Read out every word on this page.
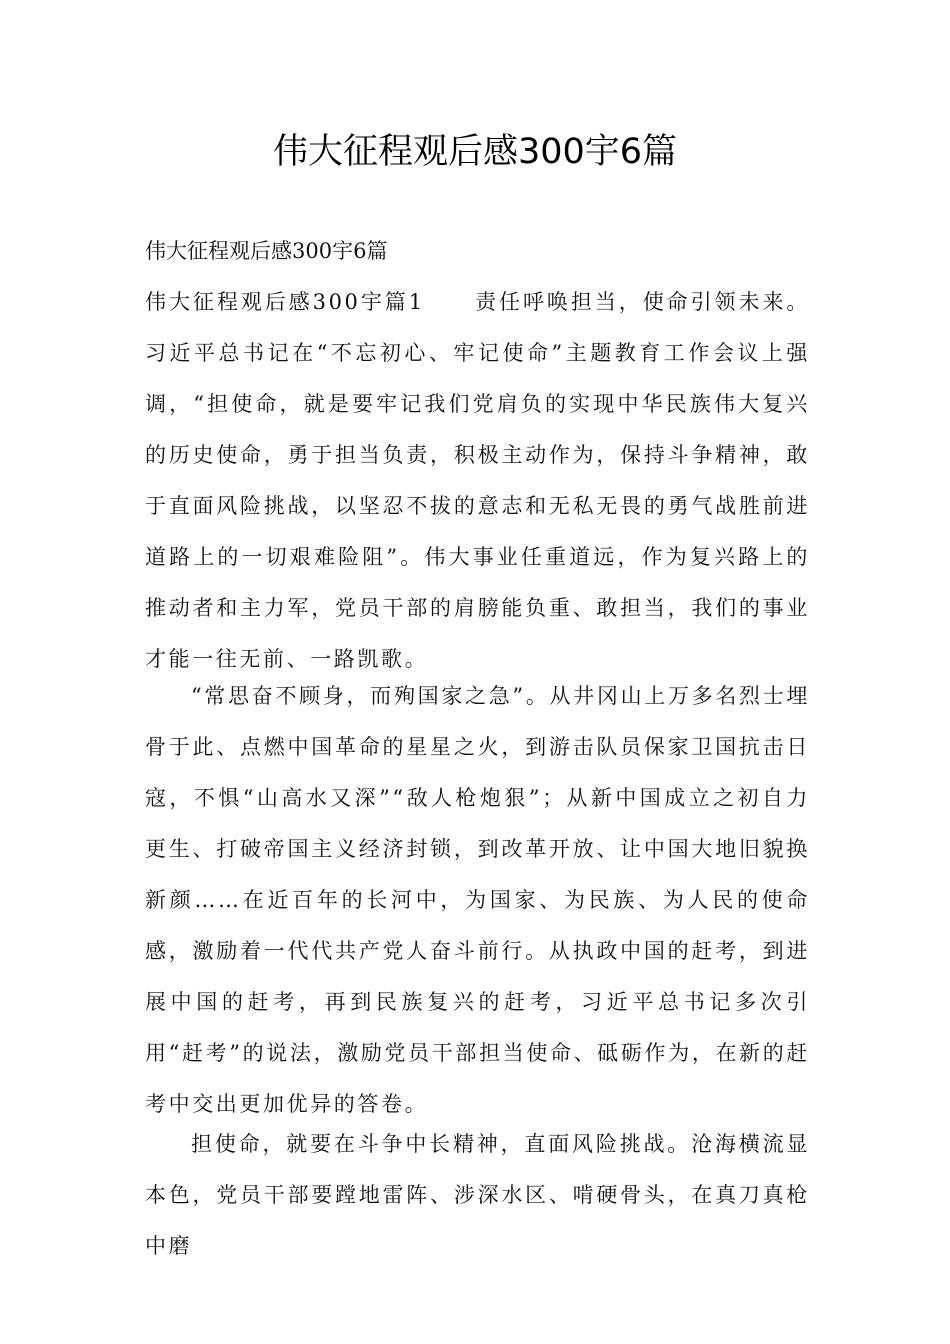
伟大征程观后感300宇6篇
伟大征程观后感300宇6篇
伟大征程观后感300宇篇1 责任呼唤担当，使命引领未来。习近平总书记在“不忘初心、牢记使命”主题教育工作会议上强调，“担使命，就是要牢记我们党肩负的实现中华民族伟大复兴的历史使命，勇于担当负责，积极主动作为，保持斗争精神，敢于直面风险挑战，以坚忍不拔的意志和无私无畏的勇气战胜前进道路上的一切艰难险阻”。伟大事业任重道远，作为复兴路上的推动者和主力军，党员干部的肩膀能负重、敢担当，我们的事业才能一往无前、一路凯歌。
“常思奋不顾身，而殉国家之急”。从井冈山上万多名烈士埋骨于此、点燃中国革命的星星之火，到游击队员保家卫国抗击日寇，不惧“山高水又深”“敌人枪炮狠”；从新中国成立之初自力更生、打破帝国主义经济封锁，到改革开放、让中国大地旧貌换新颜……在近百年的长河中，为国家、为民族、为人民的使命感，激励着一代代共产党人奋斗前行。从执政中国的赶考，到进展中国的赶考，再到民族复兴的赶考，习近平总书记多次引用“赶考”的说法，激励党员干部担当使命、砥砺作为，在新的赶考中交出更加优异的答卷。
担使命，就要在斗争中长精神，直面风险挑战。沧海横流显本色，党员干部要蹚地雷阵、涉深水区、啃硬骨头，在真刀真枪中磨
